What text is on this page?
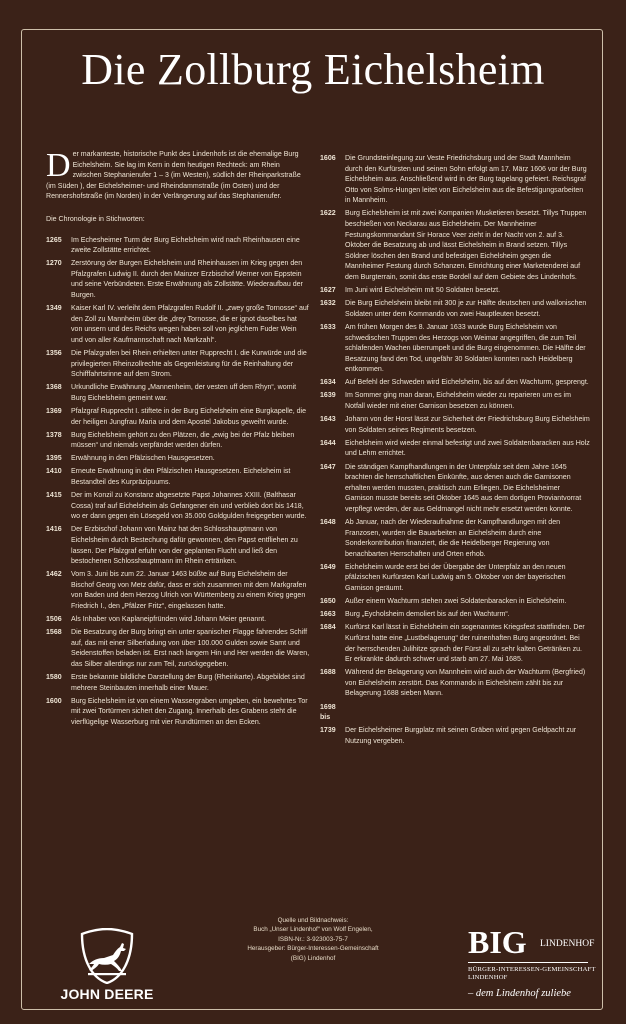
Die Zollburg Eichelsheim

Der markanteste, historische Punkt des Lindenhofs ist die ehemalige Burg Eichelsheim. Sie lag im Kern in dem heutigen Rechteck: am Rhein zwischen Stephanienufer 1 – 3 (im Westen), südlich der Rheinparkstraße (im Süden ), der Eichelsheimer- und Rheindammstraße (im Osten) und der Rennershofstraße (im Norden) in der Verlängerung auf das Stephanienufer.

Die Chronologie in Stichworten:

1265	Im Echesheimer Turm der Burg Eichelsheim wird nach Rheinhausen eine zweite Zollstätte errichtet.
1270	Zerstörung der Burgen Eichelsheim und Rheinhausen im Krieg gegen den Pfalzgrafen Ludwig II. durch den Mainzer Erzbischof Werner von Eppstein und seine Verbündeten. Erste Erwähnung als Zollstätte. Wiederaufbau der Burgen.
1349	Kaiser Karl IV. verleiht dem Pfalzgrafen Rudolf II. „zwey große Tornosse“ auf den Zoll zu Mannheim über die „drey Tornosse, die er ignot daselbes hat von unsern und des Reichs wegen haben soll von jeglichem Fuder Wein und von aller Kaufmannschaft nach Markzahl“.
1356	Die Pfalzgrafen bei Rhein erhielten unter Rupprecht I. die Kurwürde und die privilegierten Rheinzollrechte als Gegenleistung für die Reinhaltung der Schifffahrtsrinne auf dem Strom.
1368	Urkundliche Erwähnung „Mannenheim, der vesten uff dem Rhyn“, womit Burg Eichelsheim gemeint war.
1369	Pfalzgraf Rupprecht I. stiftete in der Burg Eichelsheim eine Burgkapelle, die der heiligen Jungfrau Maria und dem Apostel Jakobus geweiht wurde.
1378	Burg Eichelsheim gehört zu den Plätzen, die „ewig bei der Pfalz bleiben müssen“ und niemals verpfändet werden dürfen.
1395	Erwähnung in den Pfälzischen Hausgesetzen.
1410	Erneute Erwähnung in den Pfälzischen Hausgesetzen. Eichelsheim ist Bestandteil des Kurpräzipuums.
1415	Der im Konzil zu Konstanz abgesetzte Papst Johannes XXIII. (Balthasar Cossa) traf auf Eichelsheim als Gefangener ein und verblieb dort bis 1418, wo er dann gegen ein Lösegeld von 35.000 Goldgulden freigegeben wurde.
1416	Der Erzbischof Johann von Mainz hat den Schlosshauptmann von Eichelsheim durch Bestechung dafür gewonnen, den Papst entfliehen zu lassen. Der Pfalzgraf erfuhr von der geplanten Flucht und ließ den bestochenen Schlosshauptmann im Rhein ertränken.
1462	Vom 3. Juni bis zum 22. Januar 1463 büßte auf Burg Eichelsheim der Bischof Georg von Metz dafür, dass er sich zusammen mit dem Markgrafen von Baden und dem Herzog Ulrich von Württemberg zu einem Krieg gegen Friedrich I., den „Pfälzer Fritz“, eingelassen hatte.
1506	Als Inhaber von Kaplaneipfründen wird Johann Meier genannt.
1568	Die Besatzung der Burg bringt ein unter spanischer Flagge fahrendes Schiff auf, das mit einer Silberladung von über 100.000 Gulden sowie Samt und Seidenstoffen beladen ist. Erst nach langem Hin und Her werden die Waren, das Silber allerdings nur zum Teil, zurückgegeben.
1580	Erste bekannte bildliche Darstellung der Burg (Rheinkarte). Abgebildet sind mehrere Steinbauten innerhalb einer Mauer.
1600	Burg Eichelsheim ist von einem Wassergraben umgeben, ein bewehrtes Tor mit zwei Tortürmen sichert den Zugang. Innerhalb des Grabens steht die vierflügelige Wasserburg mit vier Rundtürmen an den Ecken.
1606	Die Grundsteinlegung zur Veste Friedrichsburg und der Stadt Mannheim durch den Kurfürsten und seinen Sohn erfolgt am 17. März 1606 vor der Burg Eichelsheim aus. Anschließend wird in der Burg tagelang gefeiert. Reichsgraf Otto von Solms-Hungen leitet von Eichelsheim aus die Befestigungsarbeiten in Mannheim.
1622	Burg Eichelsheim ist mit zwei Kompanien Musketieren besetzt. Tillys Truppen beschießen von Neckarau aus Eichelsheim. Der Mannheimer Festungskommandant Sir Horace Veer zieht in der Nacht von 2. auf 3. Oktober die Besatzung ab und lässt Eichelsheim in Brand setzen. Tillys Söldner löschen den Brand und befestigen Eichelsheim gegen die Mannheimer Festung durch Schanzen. Einrichtung einer Marketenderei auf dem Burgterrain, somit das erste Bordell auf dem Gebiete des Lindenhofs.
1627	Im Juni wird Eichelsheim mit 50 Soldaten besetzt.
1632	Die Burg Eichelsheim bleibt mit 300 je zur Hälfte deutschen und wallonischen Soldaten unter dem Kommando von zwei Hauptleuten besetzt.
1633	Am frühen Morgen des 8. Januar 1633 wurde Burg Eichelsheim von schwedischen Truppen des Herzogs von Weimar angegriffen, die zum Teil schlafenden Wachen überrumpelt und die Burg eingenommen. Die Hälfte der Besatzung fand den Tod, ungefähr 30 Soldaten konnten nach Heidelberg entkommen.
1634	Auf Befehl der Schweden wird Eichelsheim, bis auf den Wachturm, gesprengt.
1639	Im Sommer ging man daran, Eichelsheim wieder zu reparieren um es im Notfall wieder mit einer Garnison besetzen zu können.
1643	Johann von der Horst lässt zur Sicherheit der Friedrichsburg Burg Eichelsheim von Soldaten seines Regiments besetzen.
1644	Eichelsheim wird wieder einmal befestigt und zwei Soldatenbaracken aus Holz und Lehm errichtet.
1647	Die ständigen Kampfhandlungen in der Unterpfalz seit dem Jahre 1645 brachten die herrschaftlichen Einkünfte, aus denen auch die Garnisonen erhalten werden mussten, praktisch zum Erliegen. Die Eichelsheimer Garnison musste bereits seit Oktober 1645 aus dem dortigen Proviantvorrat verpflegt werden, der aus Geldmangel nicht mehr ersetzt werden konnte.
1648	Ab Januar, nach der Wiederaufnahme der Kampfhandlungen mit den Franzosen, wurden die Bauarbeiten an Eichelsheim durch eine Sonderkontribution finanziert, die die Heidelberger Regierung von benachbarten Herrschaften und Orten erhob.
1649	Eichelsheim wurde erst bei der Übergabe der Unterpfalz an den neuen pfälzischen Kurfürsten Karl Ludwig am 5. Oktober von der bayerischen Garnison geräumt.
1650	Außer einem Wachturm stehen zwei Soldatenbaracken in Eichelsheim.
1663	Burg „Eycholsheim demoliert bis auf den Wachturm“.
1684	Kurfürst Karl lässt in Eichelsheim ein sogenanntes Kriegsfest stattfinden. Der Kurfürst hatte eine „Lustbelagerung“ der ruinenhaften Burg angeordnet. Bei der herrschenden Julihitze sprach der Fürst all zu sehr kalten Getränken zu. Er erkrankte dadurch schwer und starb am 27. Mai 1685.
1688	Während der Belagerung von Mannheim wird auch der Wachturm (Bergfried) von Eichelsheim zerstört. Das Kommando in Eichelsheim zählt bis zur Belagerung 1688 sieben Mann.
1698 bis
1739	Der Eichelsheimer Burgplatz mit seinen Gräben wird gegen Geldpacht zur Nutzung vergeben.
Quelle und Bildnachweis:
Buch „Unser Lindenhof“ von Wolf Engelen,
ISBN-Nr.: 3-923003-75-7
Herausgeber: Bürger-Interessen-Gemeinschaft
(BIG) Lindenhof
JOHN DEERE
BIG LINDENHOF
BÜRGER-INTERESSEN-GEMEINSCHAFT
LINDENHOF
– dem Lindenhof zuliebe
